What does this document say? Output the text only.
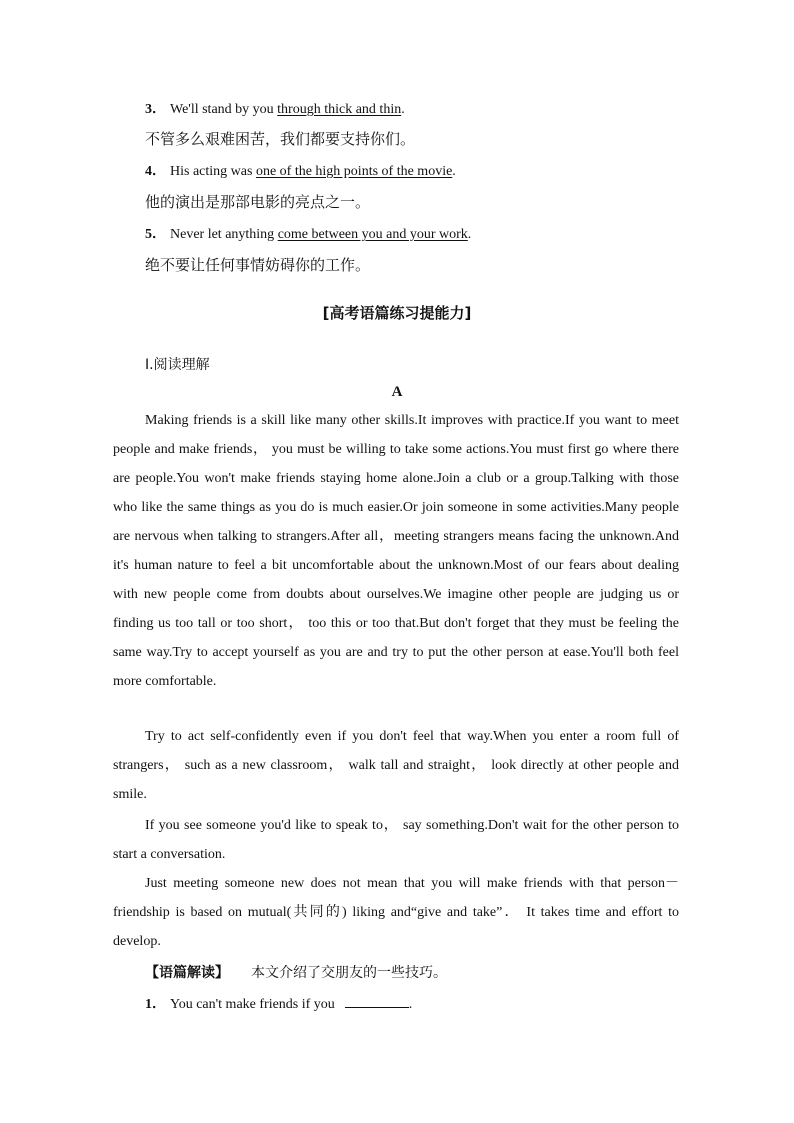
3． We'll stand by you through thick and thin.
不管多么艰难困苦，我们都要支持你们。
4． His acting was one of the high points of the movie.
他的演出是那部电影的亮点之一。
5． Never let anything come between you and your work.
绝不要让任何事情妨碍你的工作。
[高考语篇练习提能力]
Ⅰ.阅读理解
A

Making friends is a skill like many other skills.It improves with practice.If you want to meet people and make friends， you must be willing to take some actions.You must first go where there are people.You won't make friends staying home alone.Join a club or a group.Talking with those who like the same things as you do is much easier.Or join someone in some activities.Many people are nervous when talking to strangers.After all，meeting strangers means facing the unknown.And it's human nature to feel a bit uncomfortable about the unknown.Most of our fears about dealing with new people come from doubts about ourselves.We imagine other people are judging us or finding us too tall or too short， too this or too that.But don't forget that they must be feeling the same way.Try to accept yourself as you are and try to put the other person at ease.You'll both feel more comfortable.

Try to act self-confidently even if you don't feel that way.When you enter a room full of strangers， such as a new classroom， walk tall and straight， look directly at other people and smile.

If you see someone you'd like to speak to， say something.Don't wait for the other person to start a conversation.

Just meeting someone new does not mean that you will make friends with that person－friendship is based on mutual(共同的) liking and“give and take”． It takes time and effort to develop.

【语篇解读】 本文介绍了交朋友的一些技巧。
1． You can't make friends if you	.
